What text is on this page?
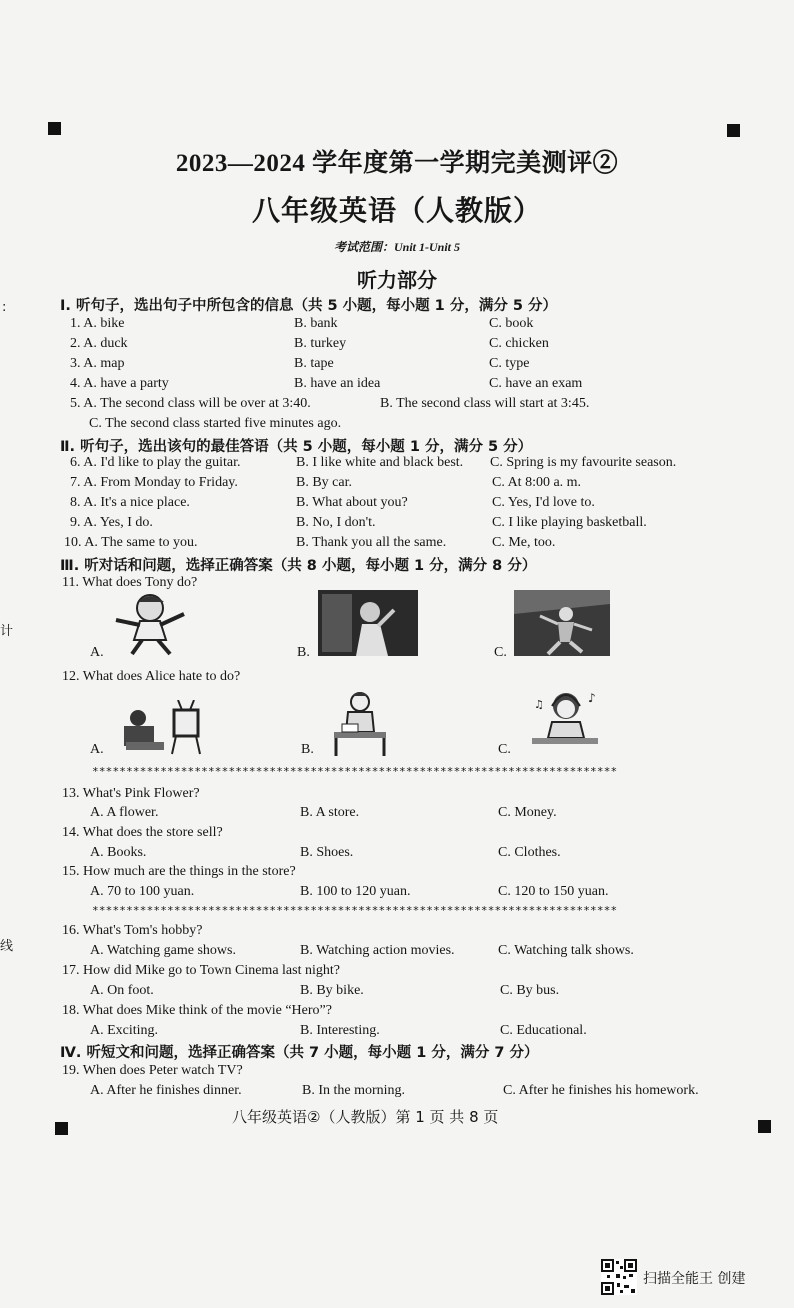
:
计
线
2023—2024 学年度第一学期完美测评②
八年级英语（人教版）
考试范围：Unit 1-Unit 5
听力部分
I. 听句子，选出句子中所包含的信息（共 5 小题，每小题 1 分，满分 5 分）
1. A. bike	B. bank	C. book
2. A. duck	B. turkey	C. chicken
3. A. map	B. tape	C. type
4. A. have a party	B. have an idea	C. have an exam
5. A. The second class will be over at 3:40.	B. The second class will start at 3:45.
C. The second class started five minutes ago.
Ⅱ. 听句子，选出该句的最佳答语（共 5 小题，每小题 1 分，满分 5 分）
6. A. I'd like to play the guitar.	B. I like white and black best. C. Spring is my favourite season.
7. A. From Monday to Friday.	B. By car.	C. At 8:00 a. m.
8. A. It's a nice place.	B. What about you?	C. Yes, I'd love to.
9. A. Yes, I do.	B. No, I don't.	C. I like playing basketball.
10. A. The same to you.	B. Thank you all the same.	C. Me, too.
Ⅲ. 听对话和问题，选择正确答案（共 8 小题，每小题 1 分，满分 8 分）
11. What does Tony do?
A.	B.	C.
12. What does Alice hate to do?
A.	B.	C.
♪
♫
*****************************************************************************
13. What's Pink Flower?
A. A flower.	B. A store.	C. Money.
14. What does the store sell?
A. Books.	B. Shoes.	C. Clothes.
15. How much are the things in the store?
A. 70 to 100 yuan.	B. 100 to 120 yuan.	C. 120 to 150 yuan.
*****************************************************************************
16. What's Tom's hobby?
A. Watching game shows.	B. Watching action movies.	C. Watching talk shows.
17. How did Mike go to Town Cinema last night?
A. On foot.	B. By bike.	C. By bus.
18. What does Mike think of the movie “Hero”?
A. Exciting.	B. Interesting.	C. Educational.
Ⅳ. 听短文和问题，选择正确答案（共 7 小题，每小题 1 分，满分 7 分）
19. When does Peter watch TV?
A. After he finishes dinner.	B. In the morning.	C. After he finishes his homework.
八年级英语②（人教版）第 1 页 共 8 页
扫描全能王 创建
